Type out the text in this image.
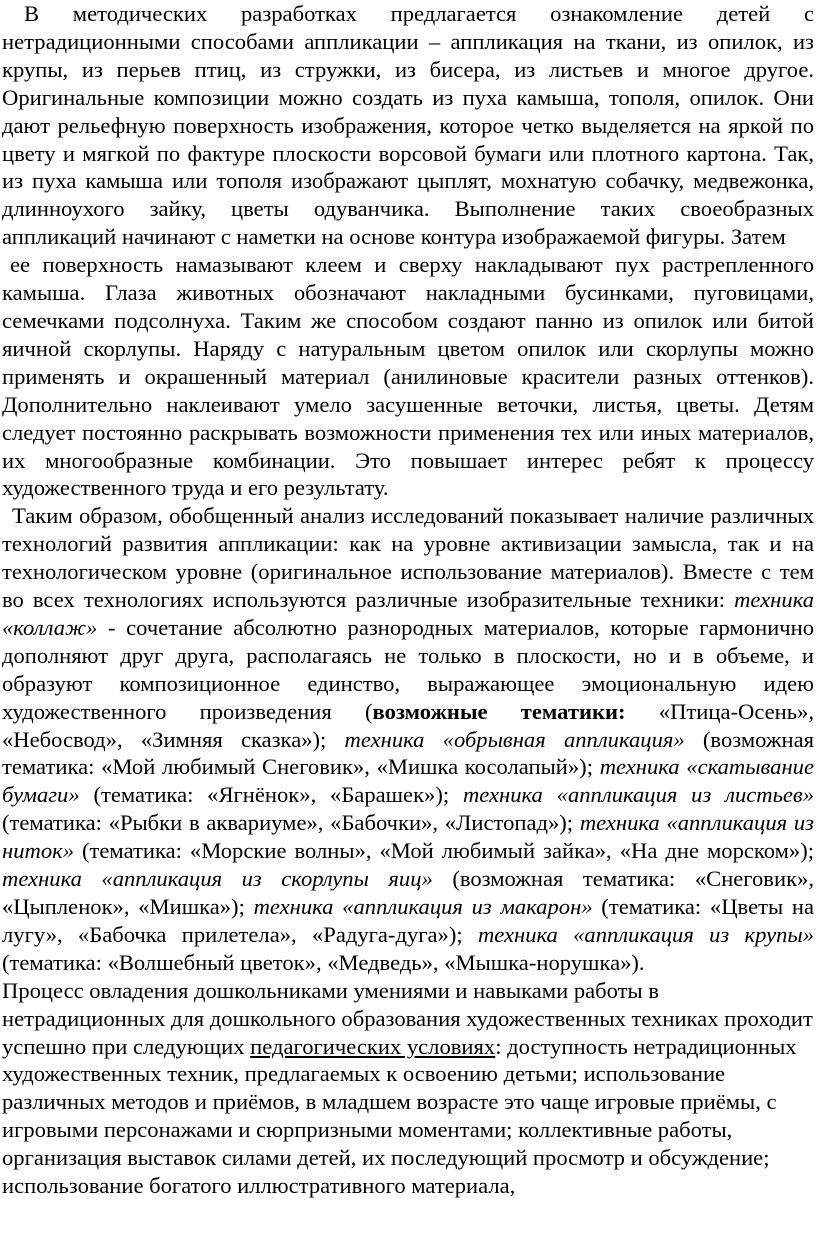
В методических разработках предлагается ознакомление детей с нетрадиционными способами аппликации – аппликация на ткани, из опилок, из крупы, из перьев птиц, из стружки, из бисера, из листьев и многое другое. Оригинальные композиции можно создать из пуха камыша, тополя, опилок. Они дают рельефную поверхность изображения, которое четко выделяется на яркой по цвету и мягкой по фактуре плоскости ворсовой бумаги или плотного картона. Так, из пуха камыша или тополя изображают цыплят, мохнатую собачку, медвежонка, длинноухого зайку, цветы одуванчика. Выполнение таких своеобразных аппликаций начинают с наметки на основе контура изображаемой фигуры. Затем

ее поверхность намазывают клеем и сверху накладывают пух растрепленного камыша. Глаза животных обозначают накладными бусинками, пуговицами, семечками подсолнуха. Таким же способом создают панно из опилок или битой яичной скорлупы. Наряду с натуральным цветом опилок или скорлупы можно применять и окрашенный материал (анилиновые красители разных оттенков). Дополнительно наклеивают умело засушенные веточки, листья, цветы. Детям следует постоянно раскрывать возможности применения тех или иных материалов, их многообразные комбинации. Это повышает интерес ребят к процессу художественного труда и его результату.

Таким образом, обобщенный анализ исследований показывает наличие различных технологий развития аппликации: как на уровне активизации замысла, так и на технологическом уровне (оригинальное использование материалов). Вместе с тем во всех технологиях используются различные изобразительные техники: техника «коллаж» - сочетание абсолютно разнородных материалов, которые гармонично дополняют друг друга, располагаясь не только в плоскости, но и в объеме, и образуют композиционное единство, выражающее эмоциональную идею художественного произведения (возможные тематики: «Птица-Осень», «Небосвод», «Зимняя сказка»); техника «обрывная аппликация» (возможная тематика: «Мой любимый Снеговик», «Мишка косолапый»); техника «скатывание бумаги» (тематика: «Ягнёнок», «Барашек»); техника «аппликация из листьев» (тематика: «Рыбки в аквариуме», «Бабочки», «Листопад»); техника «аппликация из ниток» (тематика: «Морские волны», «Мой любимый зайка», «На дне морском»); техника «аппликация из скорлупы яиц» (возможная тематика: «Снеговик», «Цыпленок», «Мишка»); техника «аппликация из макарон» (тематика: «Цветы на лугу», «Бабочка прилетела», «Радуга-дуга»); техника «аппликация из крупы» (тематика: «Волшебный цветок», «Медведь», «Мышка-норушка»).

Процесс овладения дошкольниками умениями и навыками работы в нетрадиционных для дошкольного образования художественных техниках проходит успешно при следующих педагогических условиях: доступность нетрадиционных художественных техник, предлагаемых к освоению детьми; использование различных методов и приёмов, в младшем возрасте это чаще игровые приёмы, с игровыми персонажами и сюрпризными моментами; коллективные работы, организация выставок силами детей, их последующий просмотр и обсуждение; использование богатого иллюстративного материала,
